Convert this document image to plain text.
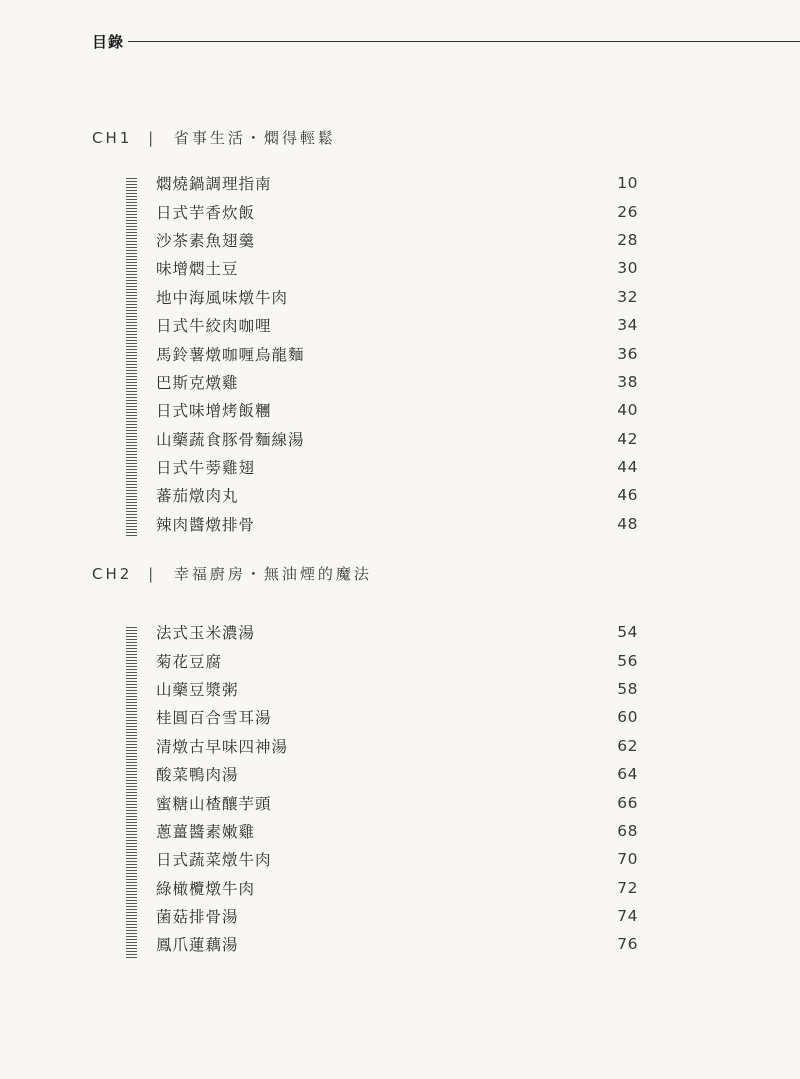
目錄
CH1 | 省事生活・燜得輕鬆
燜燒鍋調理指南	10
日式芋香炊飯	26
沙茶素魚翅羹	28
味增燜土豆	30
地中海風味燉牛肉	32
日式牛絞肉咖哩	34
馬鈴薯燉咖喱烏龍麵	36
巴斯克燉雞	38
日式味增烤飯糰	40
山藥蔬食豚骨麵線湯	42
日式牛蒡雞翅	44
蕃茄燉肉丸	46
辣肉醬燉排骨	48
CH2 | 幸福廚房・無油煙的魔法
法式玉米濃湯	54
菊花豆腐	56
山藥豆漿粥	58
桂圓百合雪耳湯	60
清燉古早味四神湯	62
酸菜鴨肉湯	64
蜜糖山楂釀芋頭	66
蔥薑醬素嫩雞	68
日式蔬菜燉牛肉	70
綠橄欖燉牛肉	72
菌菇排骨湯	74
鳳爪蓮藕湯	76
